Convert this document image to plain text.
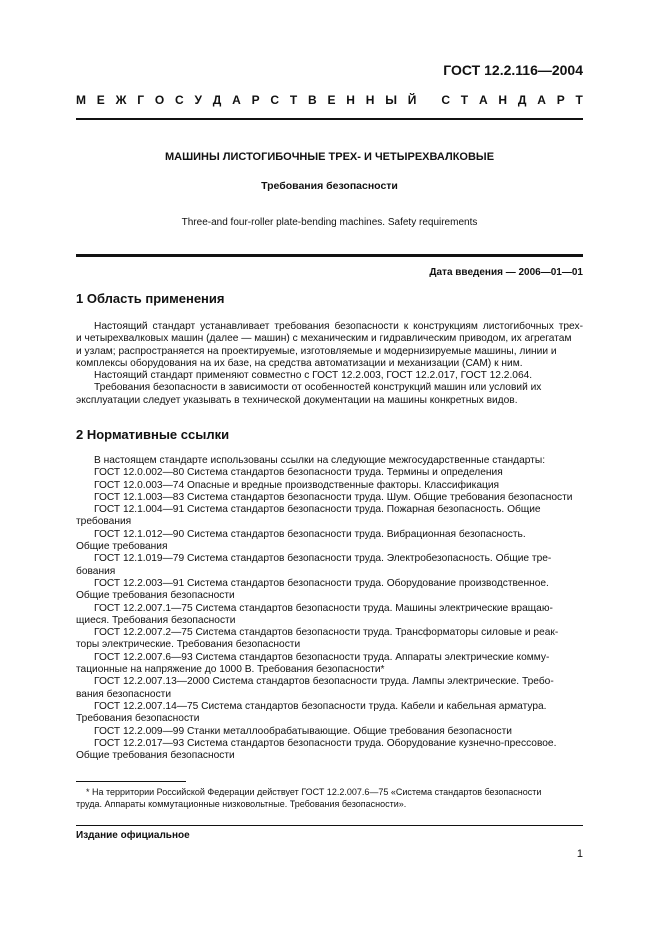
ГОСТ 12.2.116—2004
М Е Ж Г О С У Д А Р С Т В Е Н Н Ы Й
С Т А Н Д А Р Т
МАШИНЫ ЛИСТОГИБОЧНЫЕ ТРЕХ- И ЧЕТЫРЕХВАЛКОВЫЕ
Требования безопасности
Three-and four-roller plate-bending machines. Safety requirements
Дата введения — 2006—01—01
1 Область применения
Настоящий стандарт устанавливает требования безопасности к конструкциям листогибочных трех-
и четырехвалковых машин (далее — машин) с механическим и гидравлическим приводом, их агрегатам
и узлам; распространяется на проектируемые, изготовляемые и модернизируемые машины, линии и
комплексы оборудования на их базе, на средства автоматизации и механизации (САМ) к ним.
Настоящий стандарт применяют совместно с ГОСТ 12.2.003, ГОСТ 12.2.017, ГОСТ 12.2.064.
Требования безопасности в зависимости от особенностей конструкций машин или условий их
эксплуатации следует указывать в технической документации на машины конкретных видов.
2 Нормативные ссылки
В настоящем стандарте использованы ссылки на следующие межгосударственные стандарты:
ГОСТ 12.0.002—80 Система стандартов безопасности труда. Термины и определения
ГОСТ 12.0.003—74 Опасные и вредные производственные факторы. Классификация
ГОСТ 12.1.003—83 Система стандартов безопасности труда. Шум. Общие требования безопасности
ГОСТ 12.1.004—91 Система стандартов безопасности труда. Пожарная безопасность. Общие
требования
ГОСТ 12.1.012—90 Система стандартов безопасности труда. Вибрационная безопасность.
Общие требования
ГОСТ 12.1.019—79 Система стандартов безопасности труда. Электробезопасность. Общие тре-
бования
ГОСТ 12.2.003—91 Система стандартов безопасности труда. Оборудование производственное.
Общие требования безопасности
ГОСТ 12.2.007.1—75 Система стандартов безопасности труда. Машины электрические вращаю-
щиеся. Требования безопасности
ГОСТ 12.2.007.2—75 Система стандартов безопасности труда. Трансформаторы силовые и реак-
торы электрические. Требования безопасности
ГОСТ 12.2.007.6—93 Система стандартов безопасности труда. Аппараты электрические комму-
тационные на напряжение до 1000 В. Требования безопасности*
ГОСТ 12.2.007.13—2000 Система стандартов безопасности труда. Лампы электрические. Требо-
вания безопасности
ГОСТ 12.2.007.14—75 Система стандартов безопасности труда. Кабели и кабельная арматура.
Требования безопасности
ГОСТ 12.2.009—99 Станки металлообрабатывающие. Общие требования безопасности
ГОСТ 12.2.017—93 Система стандартов безопасности труда. Оборудование кузнечно-прессовое.
Общие требования безопасности
* На территории Российской Федерации действует ГОСТ 12.2.007.6—75 «Система стандартов безопасности
труда. Аппараты коммутационные низковольтные. Требования безопасности».
Издание официальное
1
